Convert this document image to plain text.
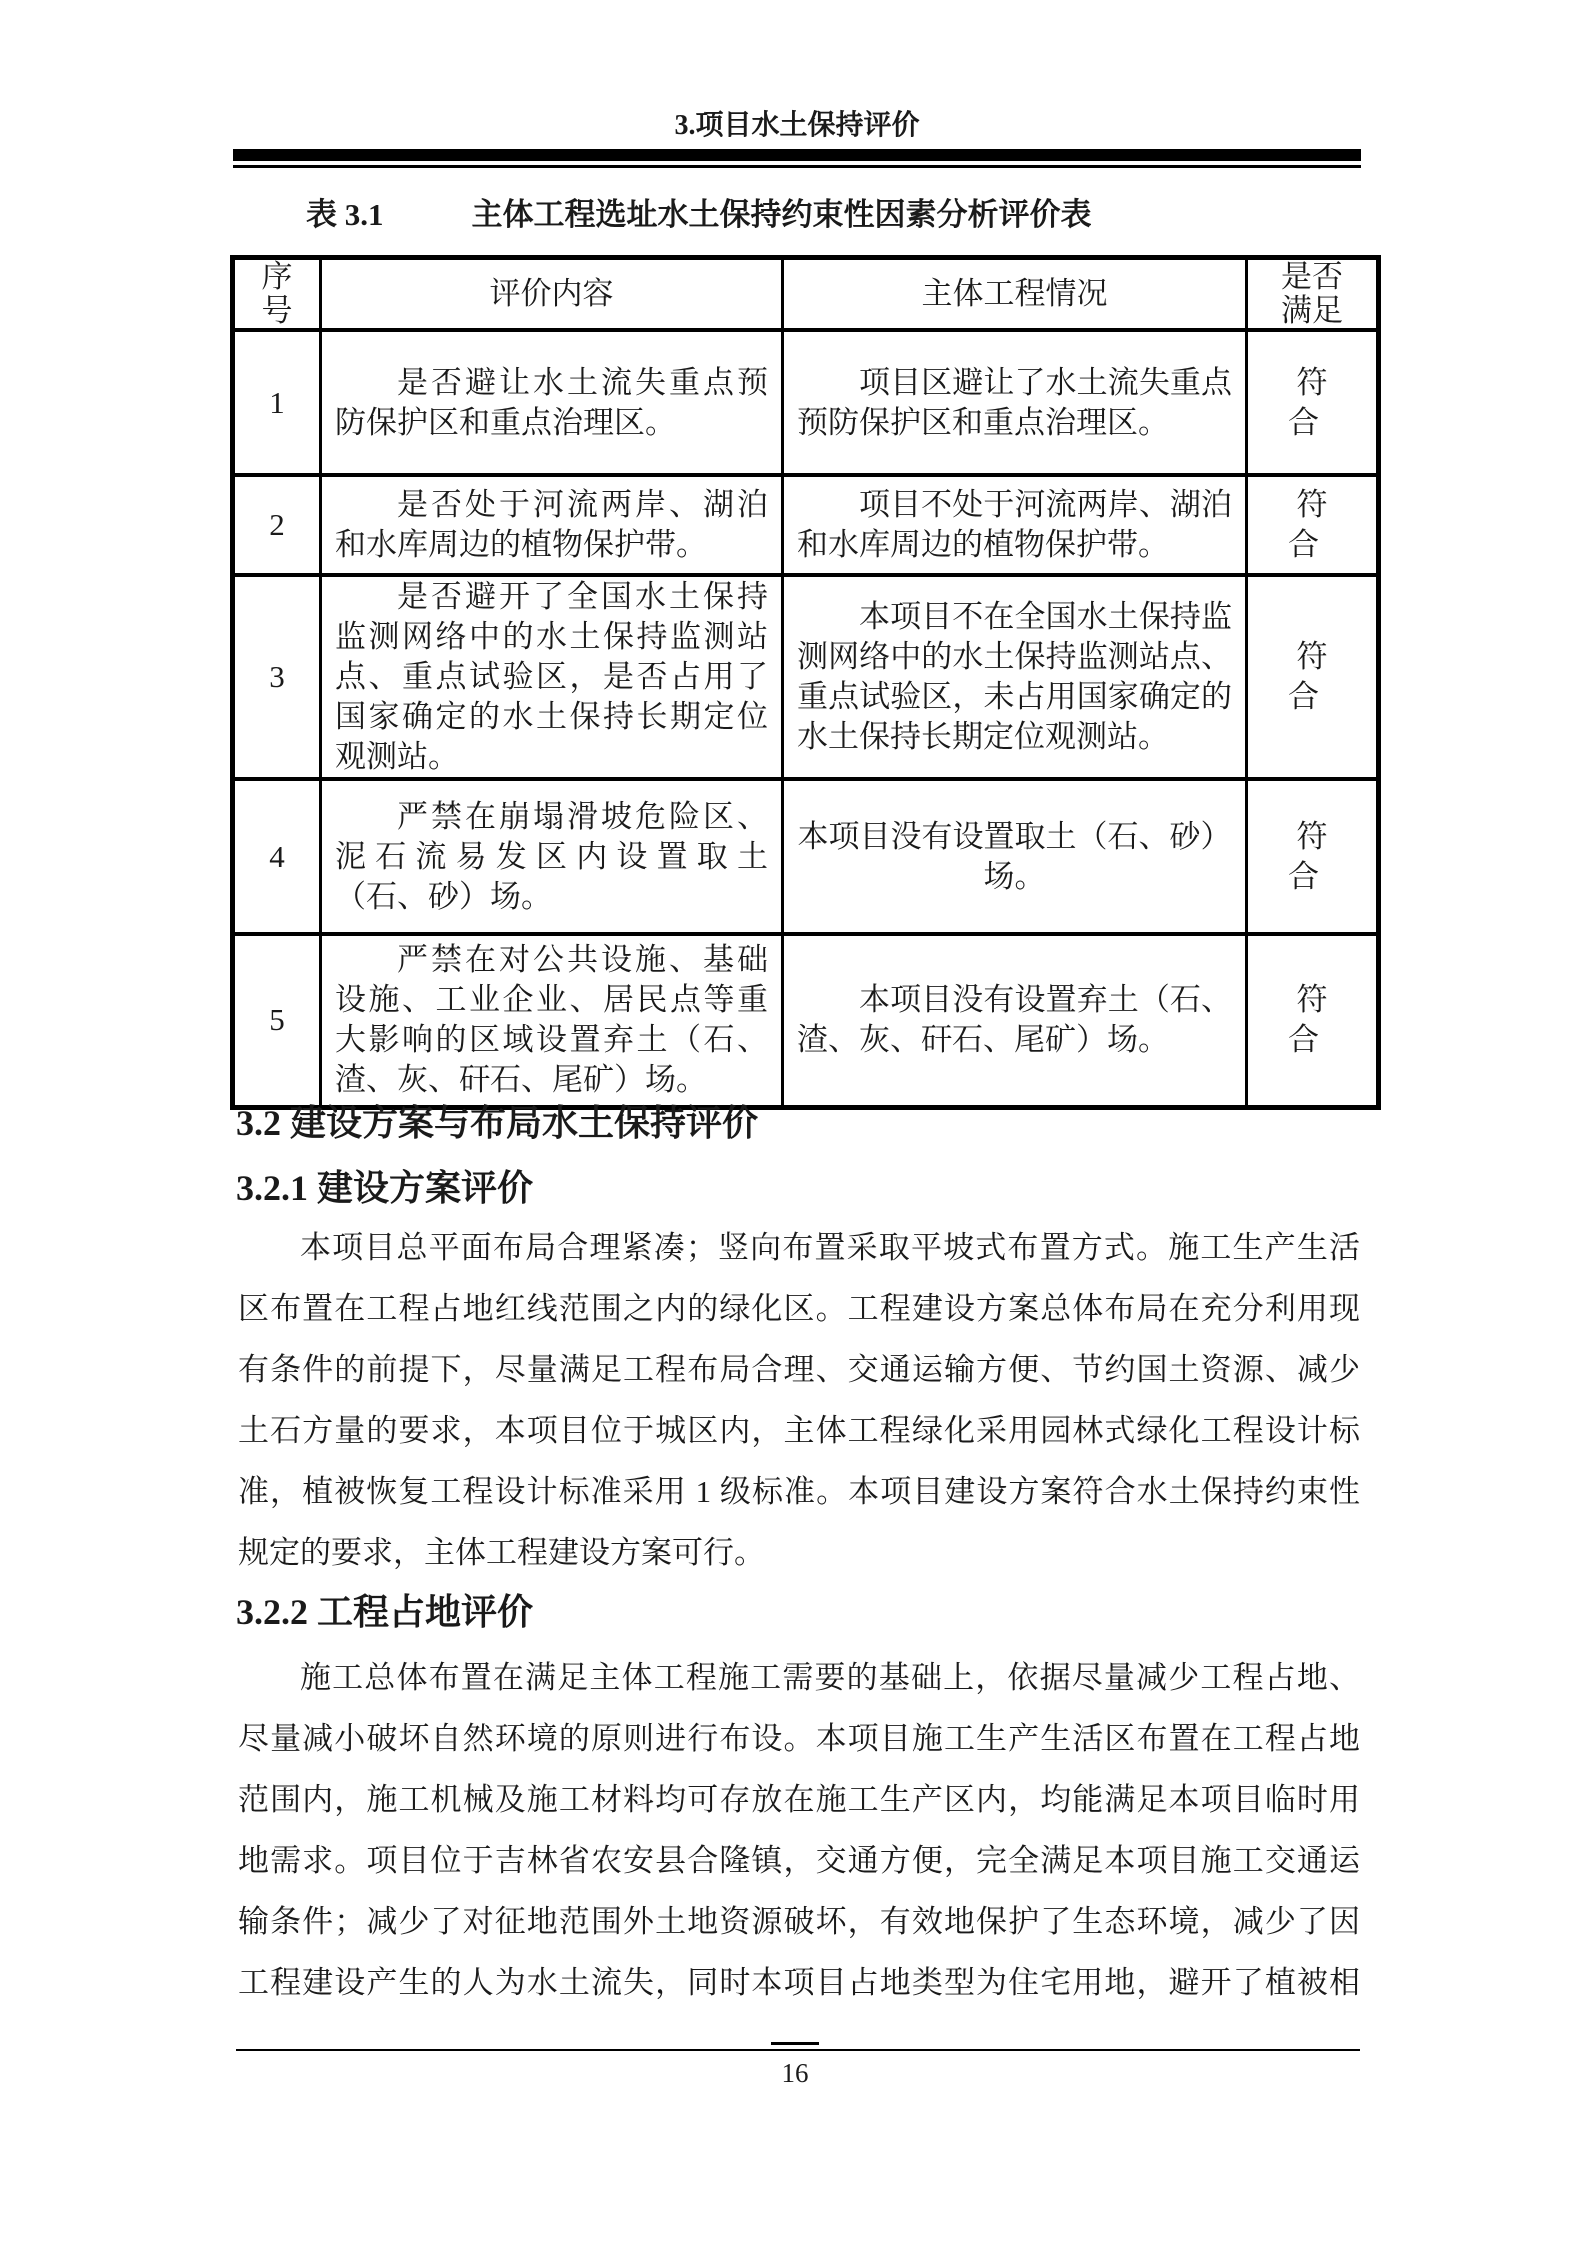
3.项目水土保持评价
表 3.1	主体工程选址水土保持约束性因素分析评价表
序号	评价内容	主体工程情况	是否满足
1	是否避让水土流失重点预防保护区和重点治理区。	项目区避让了水土流失重点预防保护区和重点治理区。	符合
2	是否处于河流两岸、湖泊和水库周边的植物保护带。	项目不处于河流两岸、湖泊和水库周边的植物保护带。	符合
3	是否避开了全国水土保持监测网络中的水土保持监测站点、重点试验区，是否占用了国家确定的水土保持长期定位观测站。	本项目不在全国水土保持监测网络中的水土保持监测站点、重点试验区，未占用国家确定的水土保持长期定位观测站。	符合
4	严禁在崩塌滑坡危险区、泥石流易发区内设置取土（石、砂）场。	本项目没有设置取土（石、砂）场。	符合
5	严禁在对公共设施、基础设施、工业企业、居民点等重大影响的区域设置弃土（石、渣、灰、矸石、尾矿）场。	本项目没有设置弃土（石、渣、灰、矸石、尾矿）场。	符合
3.2 建设方案与布局水土保持评价
3.2.1 建设方案评价
本项目总平面布局合理紧凑；竖向布置采取平坡式布置方式。施工生产生活
区布置在工程占地红线范围之内的绿化区。工程建设方案总体布局在充分利用现
有条件的前提下，尽量满足工程布局合理、交通运输方便、节约国土资源、减少
土石方量的要求，本项目位于城区内，主体工程绿化采用园林式绿化工程设计标
准，植被恢复工程设计标准采用 1 级标准。本项目建设方案符合水土保持约束性
规定的要求，主体工程建设方案可行。
3.2.2 工程占地评价
施工总体布置在满足主体工程施工需要的基础上，依据尽量减少工程占地、
尽量减小破坏自然环境的原则进行布设。本项目施工生产生活区布置在工程占地
范围内，施工机械及施工材料均可存放在施工生产区内，均能满足本项目临时用
地需求。项目位于吉林省农安县合隆镇，交通方便，完全满足本项目施工交通运
输条件；减少了对征地范围外土地资源破坏，有效地保护了生态环境，减少了因
工程建设产生的人为水土流失，同时本项目占地类型为住宅用地，避开了植被相
16
